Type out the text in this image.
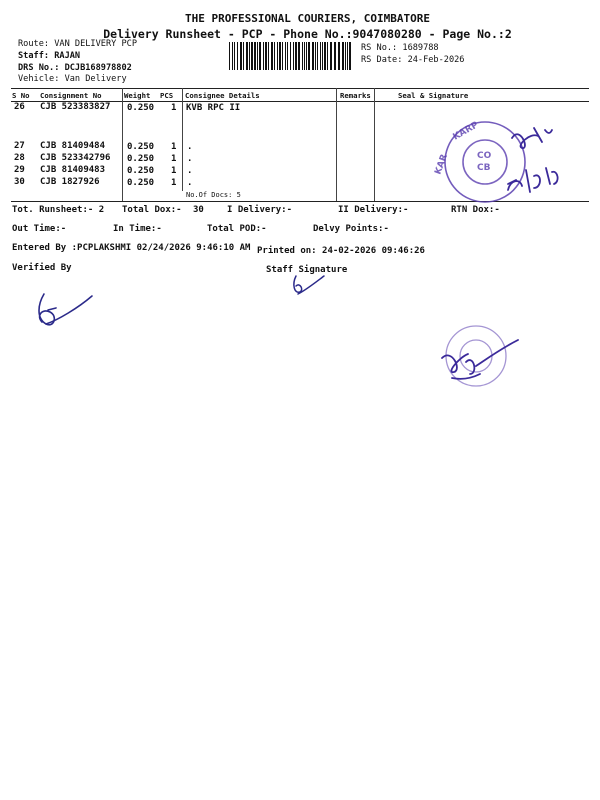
THE PROFESSIONAL COURIERS, COIMBATORE
Delivery Runsheet - PCP - Phone No.:9047080280 - Page No.:2
Route: VAN DELIVERY PCP
Staff: RAJAN
DRS No.: DCJB168978802
Vehicle: Van Delivery
RS No.: 1689788
RS Date: 24-Feb-2026
S No Consignment No	Weight PCS Consignee Details	Remarks	Seal & Signature
26 CJB 523383827 0.250 1 KVB RPC II
27 CJB 81409484 0.250 1 .
28 CJB 523342796 0.250 1 .
29 CJB 81409483 0.250 1 .
30 CJB 1827926	0.250 1 .
No.Of Docs: 5
Tot. Runsheet:- 2 Total Dox:- 30	I Delivery:-	II Delivery:-	RTN Dox:-
Out Time:-	In Time:-	Total POD:-	Delvy Points:-
Entered By :PCPLAKSHMI 02/24/2026 9:46:10 AM Printed on: 24-02-2026 09:46:26
Verified By	Staff Signature
KARP
KAR	CO
CB
